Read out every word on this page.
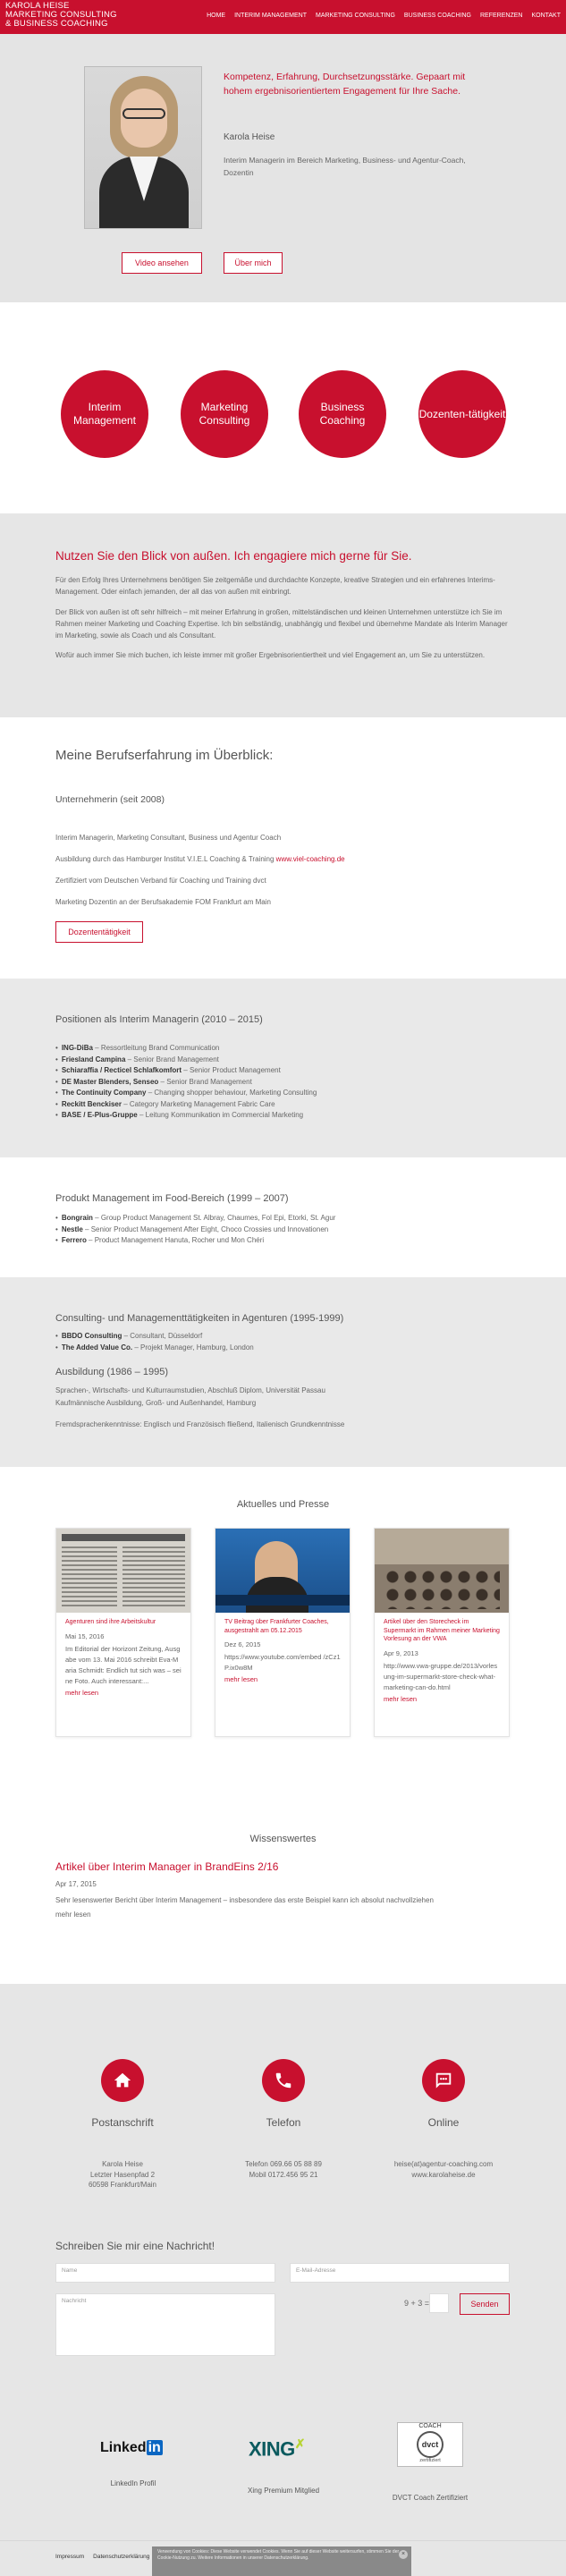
KAROLA HEISE
MARKETING CONSULTING
& BUSINESS COACHING
HOME INTERIM MANAGEMENT MARKETING CONSULTING BUSINESS COACHING REFERENZEN KONTAKT
Kompetenz, Erfahrung, Durchsetzungsstärke. Gepaart mit hohem ergebnisorientiertem Engagement für Ihre Sache.
Karola Heise
Interim Managerin im Bereich Marketing, Business- und Agentur-Coach, Dozentin
Video ansehen	Über mich
Interim Management
Marketing Consulting
Business Coaching
Dozenten-tätigkeit
Nutzen Sie den Blick von außen. Ich engagiere mich gerne für Sie.
Für den Erfolg Ihres Unternehmens benötigen Sie zeitgemäße und durchdachte Konzepte, kreative Strategien und ein erfahrenes Interims-Management. Oder einfach jemanden, der all das von außen mit einbringt.
Der Blick von außen ist oft sehr hilfreich – mit meiner Erfahrung in großen, mittelständischen und kleinen Unternehmen unterstütze ich Sie im Rahmen meiner Marketing und Coaching Expertise. Ich bin selbständig, unabhängig und flexibel und übernehme Mandate als Interim Manager im Marketing, sowie als Coach und als Consultant.
Wofür auch immer Sie mich buchen, ich leiste immer mit großer Ergebnisorientiertheit und viel Engagement an, um Sie zu unterstützen.
Meine Berufserfahrung im Überblick:
Unternehmerin (seit 2008)
Interim Managerin, Marketing Consultant, Business und Agentur Coach
Ausbildung durch das Hamburger Institut V.I.E.L Coaching & Training www.viel-coaching.de
Zertifiziert vom Deutschen Verband für Coaching und Training dvct
Marketing Dozentin an der Berufsakademie FOM Frankfurt am Main
Dozententätigkeit
Positionen als Interim Managerin (2010 – 2015)
• ING-DiBa – Ressortleitung Brand Communication
• Friesland Campina – Senior Brand Management
• Schiaraffia / Recticel Schlafkomfort – Senior Product Management
• DE Master Blenders, Senseo – Senior Brand Management
• The Continuity Company – Changing shopper behaviour, Marketing Consulting
• Reckitt Benckiser – Category Marketing Management Fabric Care
• BASE / E-Plus-Gruppe – Leitung Kommunikation im Commercial Marketing
Produkt Management im Food-Bereich (1999 – 2007)
• Bongrain – Group Product Management St. Albray, Chaumes, Fol Epi, Etorki, St. Agur
• Nestle – Senior Product Management After Eight, Choco Crossies und Innovationen
• Ferrero – Product Management Hanuta, Rocher und Mon Chéri
Consulting- und Managementtätigkeiten in Agenturen (1995-1999)
• BBDO Consulting – Consultant, Düsseldorf
• The Added Value Co. – Projekt Manager, Hamburg, London
Ausbildung (1986 – 1995)
Sprachen-, Wirtschafts- und Kulturraumstudien, Abschluß Diplom, Universität Passau
Kaufmännische Ausbildung, Groß- und Außenhandel, Hamburg
Fremdsprachenkenntnisse: Englisch und Französisch fließend, Italienisch Grundkenntnisse
Aktuelles und Presse
Agenturen sind ihre Arbeitskultur
Mai 15, 2016
Im Editorial der Horizont Zeitung, Ausgabe vom 13. Mai 2016 schreibt Eva-Maria Schmidt: Endlich tut sich was – seine Foto. Auch interessant:...
mehr lesen
TV Beitrag über Frankfurter Coaches, ausgestrahlt am 05.12.2015
Dez 6, 2015
https://www.youtube.com/embed /zCz1P.ix0w8M
mehr lesen
Artikel über den Storecheck im Supermarkt im Rahmen meiner Marketing Vorlesung an der VWA
Apr 9, 2013
http://www.vwa-gruppe.de/2013/vorlesung-im-supermarkt-store-check-what-marketing-can-do.html
mehr lesen
Wissenswertes
Artikel über Interim Manager in BrandEins 2/16
Apr 17, 2015
Sehr lesenswerter Bericht über Interim Management – insbesondere das erste Beispiel kann ich absolut nachvollziehen
mehr lesen
Postanschrift	Telefon	Online
Karola Heise
Letzter Hasenpfad 2
60598 Frankfurt/Main
Telefon 069.66 05 88 89
Mobil 0172.456 95 21
heise(at)agentur-coaching.com
www.karolaheise.de
Schreiben Sie mir eine Nachricht!
Name	E-Mail-Adresse
Nachricht	9 + 3 =	Senden
Linked in	XING✗
COACH
dvct
zertifiziert
LinkedIn Profil
Xing Premium Mitglied
DVCT Coach Zertifiziert
Impressum Datenschutzerklärung
Verwendung von Cookies: Diese Website verwendet Cookies. Wenn Sie auf dieser Website weitersurfen, stimmen Sie der Cookie-Nutzung zu. Weitere Informationen in unserer Datenschutzerklärung.
×
